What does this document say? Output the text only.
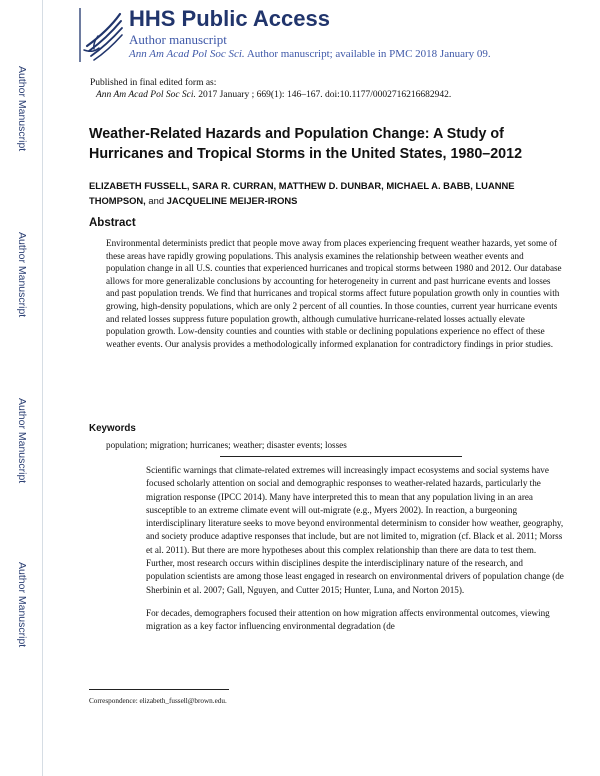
Author Manuscript
Author Manuscript
Author Manuscript
Author Manuscript
HHS Public Access
Author manuscript
Ann Am Acad Pol Soc Sci. Author manuscript; available in PMC 2018 January 09.
Published in final edited form as:
Ann Am Acad Pol Soc Sci. 2017 January ; 669(1): 146–167. doi:10.1177/0002716216682942.
Weather-Related Hazards and Population Change: A Study of Hurricanes and Tropical Storms in the United States, 1980–2012
ELIZABETH FUSSELL, SARA R. CURRAN, MATTHEW D. DUNBAR, MICHAEL A. BABB, LUANNE THOMPSON, and JACQUELINE MEIJER-IRONS
Abstract

Environmental determinists predict that people move away from places experiencing frequent weather hazards, yet some of these areas have rapidly growing populations. This analysis examines the relationship between weather events and population change in all U.S. counties that experienced hurricanes and tropical storms between 1980 and 2012. Our database allows for more generalizable conclusions by accounting for heterogeneity in current and past hurricane events and losses and past population trends. We find that hurricanes and tropical storms affect future population growth only in counties with growing, high-density populations, which are only 2 percent of all counties. In those counties, current year hurricane events and related losses suppress future population growth, although cumulative hurricane-related losses actually elevate population growth. Low-density counties and counties with stable or declining populations experience no effect of these weather events. Our analysis provides a methodologically informed explanation for contradictory findings in prior studies.

Keywords
population; migration; hurricanes; weather; disaster events; losses

Scientific warnings that climate-related extremes will increasingly impact ecosystems and social systems have focused scholarly attention on social and demographic responses to weather-related hazards, particularly the migration response (IPCC 2014). Many have interpreted this to mean that any population living in an area susceptible to an extreme climate event will out-migrate (e.g., Myers 2002). In reaction, a burgeoning interdisciplinary literature seeks to move beyond environmental determinism to consider how weather, geography, and society produce adaptive responses that include, but are not limited to, migration (cf. Black et al. 2011; Morss et al. 2011). But there are more hypotheses about this complex relationship than there are data to test them. Further, most research occurs within disciplines despite the interdisciplinary nature of the research, and population scientists are among those least engaged in research on environmental drivers of population change (de Sherbinin et al. 2007; Gall, Nguyen, and Cutter 2015; Hunter, Luna, and Norton 2015).

For decades, demographers focused their attention on how migration affects environmental outcomes, viewing migration as a key factor influencing environmental degradation (de

Correspondence: elizabeth_fussell@brown.edu.
